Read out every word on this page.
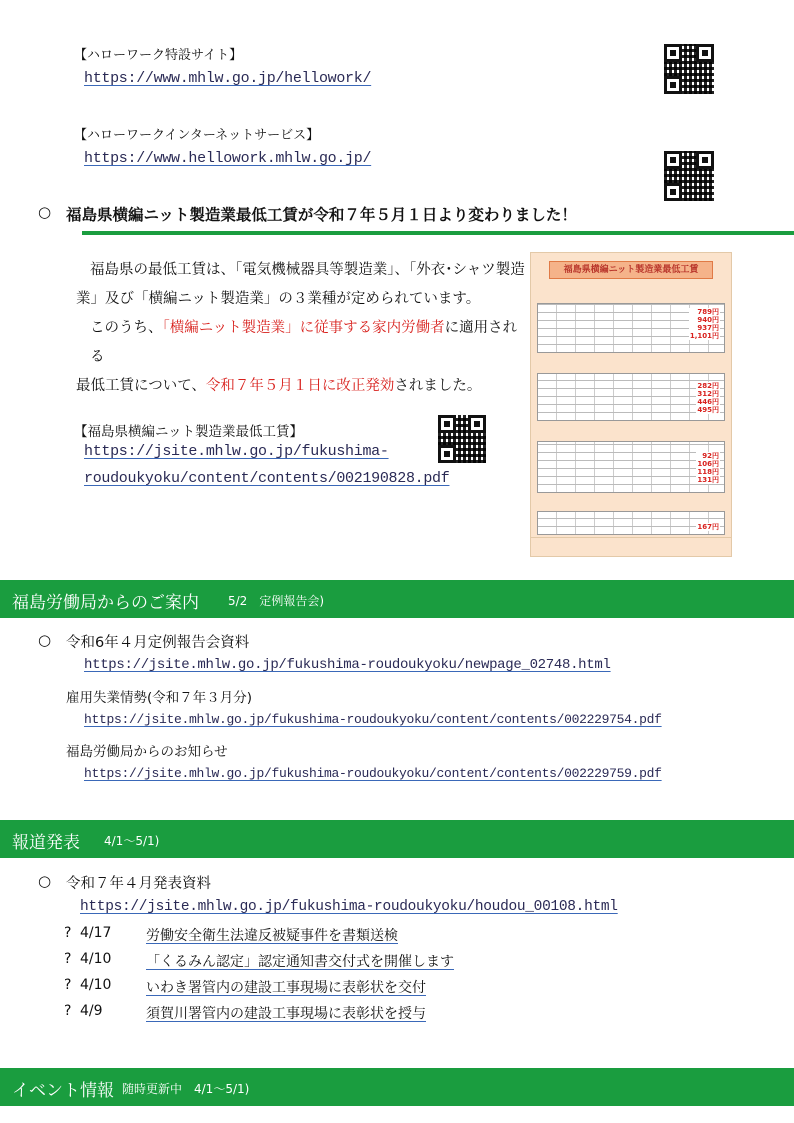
【ハローワーク特設サイト】
https://www.mhlw.go.jp/hellowork/
【ハローワークインターネットサービス】
https://www.hellowork.mhlw.go.jp/
○ 福島県横編ニット製造業最低工賃が令和７年５月１日より変わりました！
福島県の最低工賃は、「電気機械器具等製造業」、「外衣･シャツ製造
業」及び「横編ニット製造業」の３業種が定められています。
このうち、「横編ニット製造業」に従事する家内労働者に適用される
最低工賃について、令和７年５月１日に改正発効されました。
【福島県横編ニット製造業最低工賃】
https://jsite.mhlw.go.jp/fukushima-
roudoukyoku/content/contents/002190828.pdf
福島県横編ニット製造業最低工賃
789円
940円
937円
1,101円
282円
312円
446円
495円
92円
106円
118円
131円
167円
福島労働局からのご案内 5/2　定例報告会)
○ 令和6年４月定例報告会資料
https://jsite.mhlw.go.jp/fukushima-roudoukyoku/newpage_02748.html
雇用失業情勢(令和７年３月分)
https://jsite.mhlw.go.jp/fukushima-roudoukyoku/content/contents/002229754.pdf
福島労働局からのお知らせ
https://jsite.mhlw.go.jp/fukushima-roudoukyoku/content/contents/002229759.pdf
報道発表 4/1～5/1)
○ 令和７年４月発表資料
https://jsite.mhlw.go.jp/fukushima-roudoukyoku/houdou_00108.html
? 4/17 労働安全衛生法違反被疑事件を書類送検
? 4/10 「くるみん認定」認定通知書交付式を開催します
? 4/10 いわき署管内の建設工事現場に表彰状を交付
? 4/9	須賀川署管内の建設工事現場に表彰状を授与
イベント情報 随時更新中　4/1～5/1)
